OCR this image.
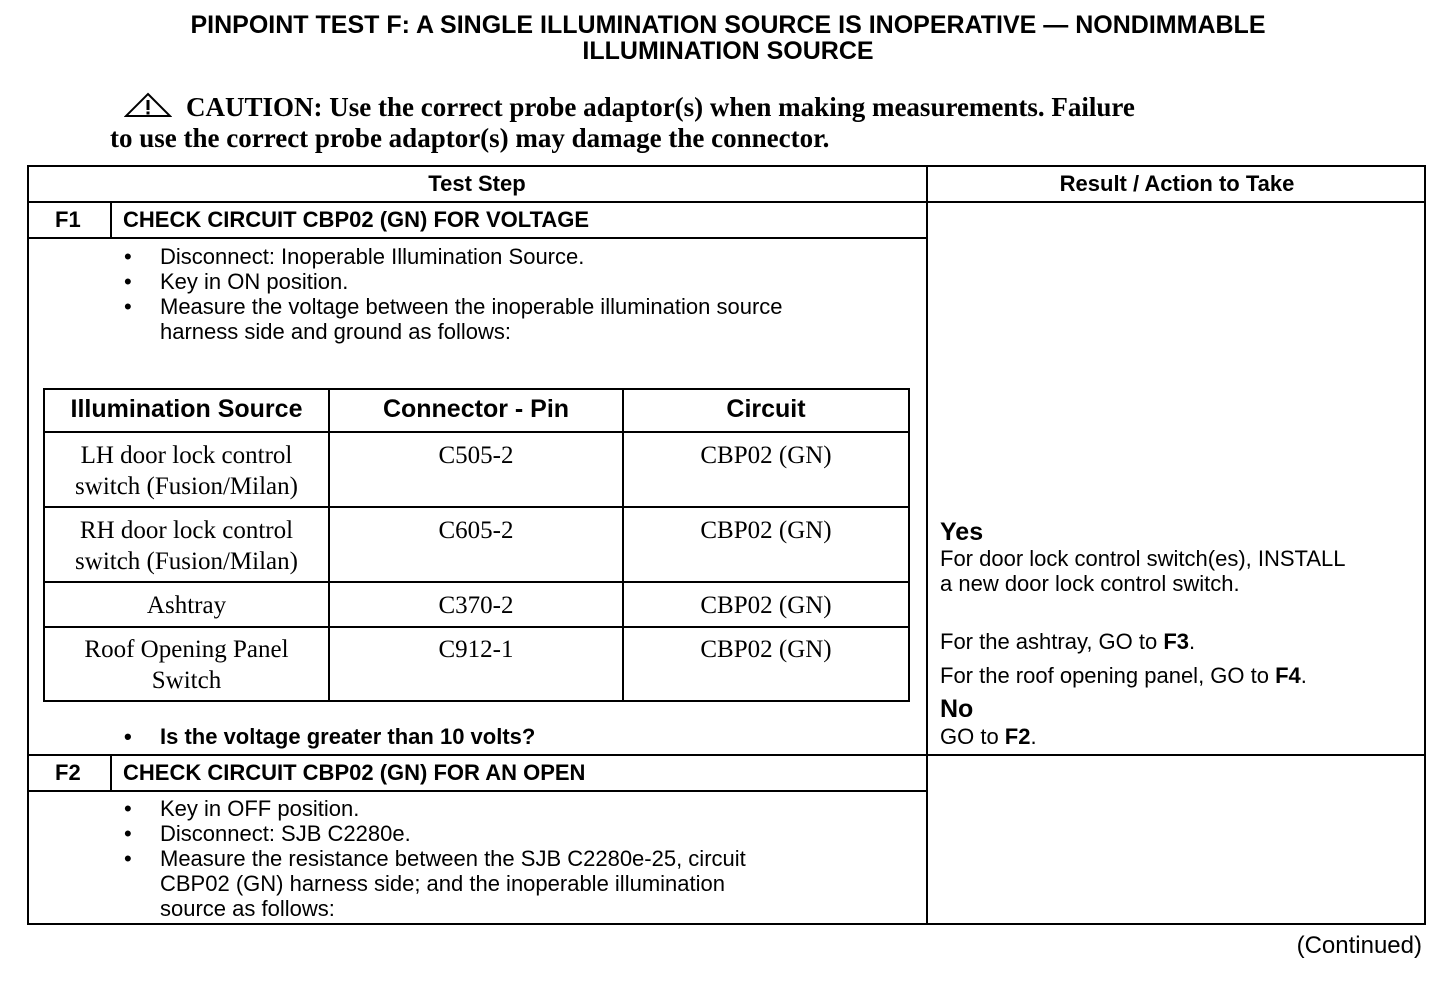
PINPOINT TEST F: A SINGLE ILLUMINATION SOURCE IS INOPERATIVE — NONDIMMABLE
ILLUMINATION SOURCE
CAUTION: Use the correct probe adaptor(s) when making measurements. Failure
to use the correct probe adaptor(s) may damage the connector.
Test Step	Result / Action to Take
F1 CHECK CIRCUIT CBP02 (GN) FOR VOLTAGE
• Disconnect: Inoperable Illumination Source.
• Key in ON position.
• Measure the voltage between the inoperable illumination source
harness side and ground as follows:
Illumination Source	Connector - Pin	Circuit
LH door lock control
switch (Fusion/Milan)
C505-2	CBP02 (GN)
RH door lock control
switch (Fusion/Milan)
C605-2	CBP02 (GN)
Ashtray	C370-2	CBP02 (GN)
Roof Opening Panel
Switch
C912-1	CBP02 (GN)
• Is the voltage greater than 10 volts?
Yes
For door lock control switch(es), INSTALL
a new door lock control switch.
For the ashtray, GO to F3.
For the roof opening panel, GO to F4.
No
GO to F2.
F2 CHECK CIRCUIT CBP02 (GN) FOR AN OPEN
• Key in OFF position.
• Disconnect: SJB C2280e.
• Measure the resistance between the SJB C2280e-25, circuit
CBP02 (GN) harness side; and the inoperable illumination
source as follows:
(Continued)
